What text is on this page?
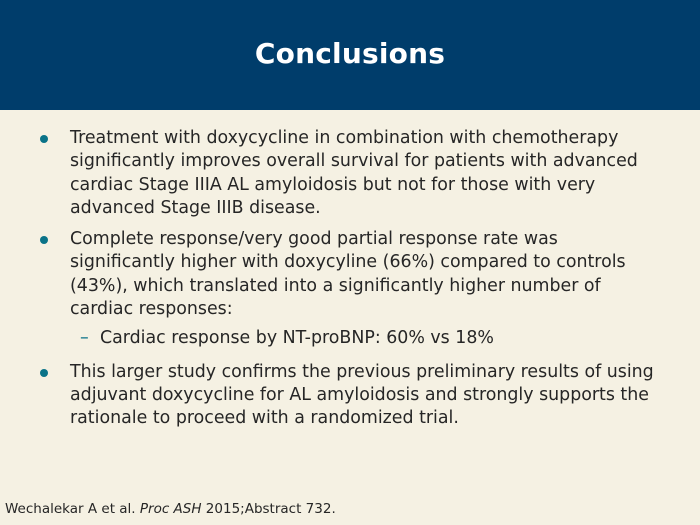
Conclusions
Treatment with doxycycline in combination with chemotherapy significantly improves overall survival for patients with advanced cardiac Stage IIIA AL amyloidosis but not for those with very advanced Stage IIIB disease.
Complete response/very good partial response rate was significantly higher with doxycyline (66%) compared to controls (43%), which translated into a significantly higher number of cardiac responses:
– Cardiac response by NT-proBNP: 60% vs 18%
This larger study confirms the previous preliminary results of using adjuvant doxycycline for AL amyloidosis and strongly supports the rationale to proceed with a randomized trial.
Wechalekar A et al. Proc ASH 2015;Abstract 732.
